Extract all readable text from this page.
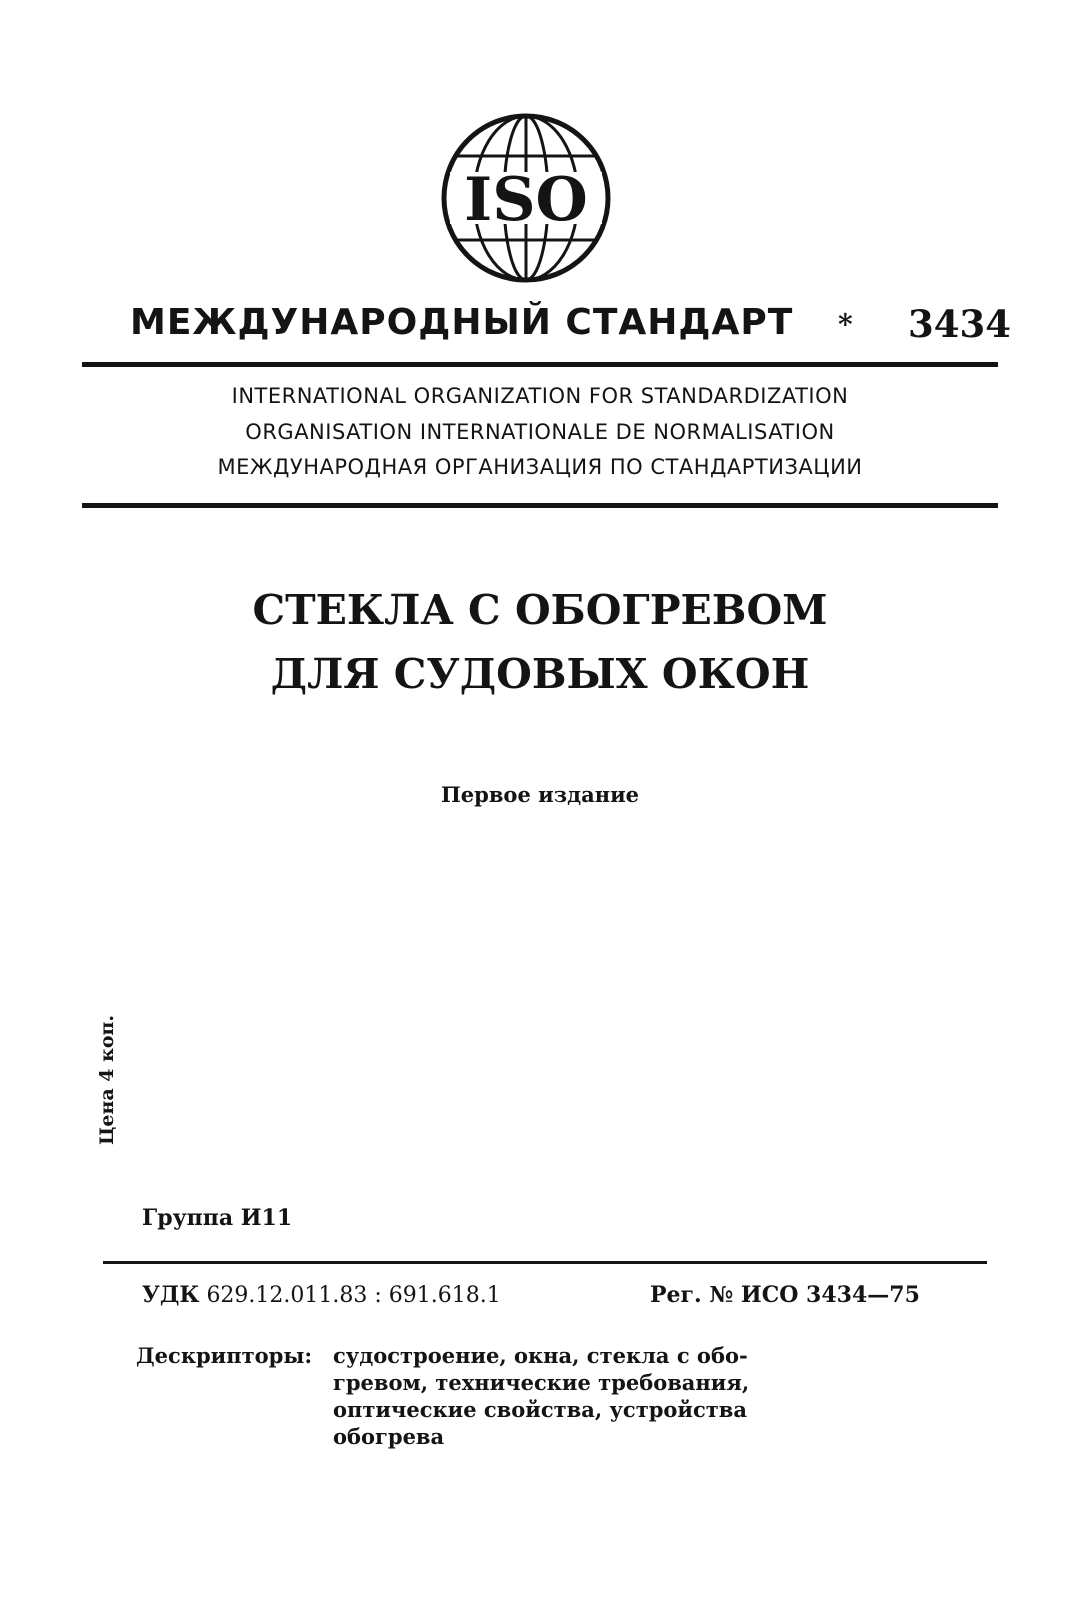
ISO
МЕЖДУНАРОДНЫЙ СТАНДАРТ * 3434
INTERNATIONAL ORGANIZATION FOR STANDARDIZATION
ORGANISATION INTERNATIONALE DE NORMALISATION
МЕЖДУНАРОДНАЯ ОРГАНИЗАЦИЯ ПО СТАНДАРТИЗАЦИИ
СТЕКЛА С ОБОГРЕВОМ
ДЛЯ СУДОВЫХ ОКОН
Первое издание
Цена 4 коп.
Группа И11
УДК 629.12.011.83 : 691.618.1	Рег. № ИСО 3434—75
Дескрипторы: судостроение, окна, стекла с обо-
гревом, технические требования,
оптические свойства, устройства
обогрева
